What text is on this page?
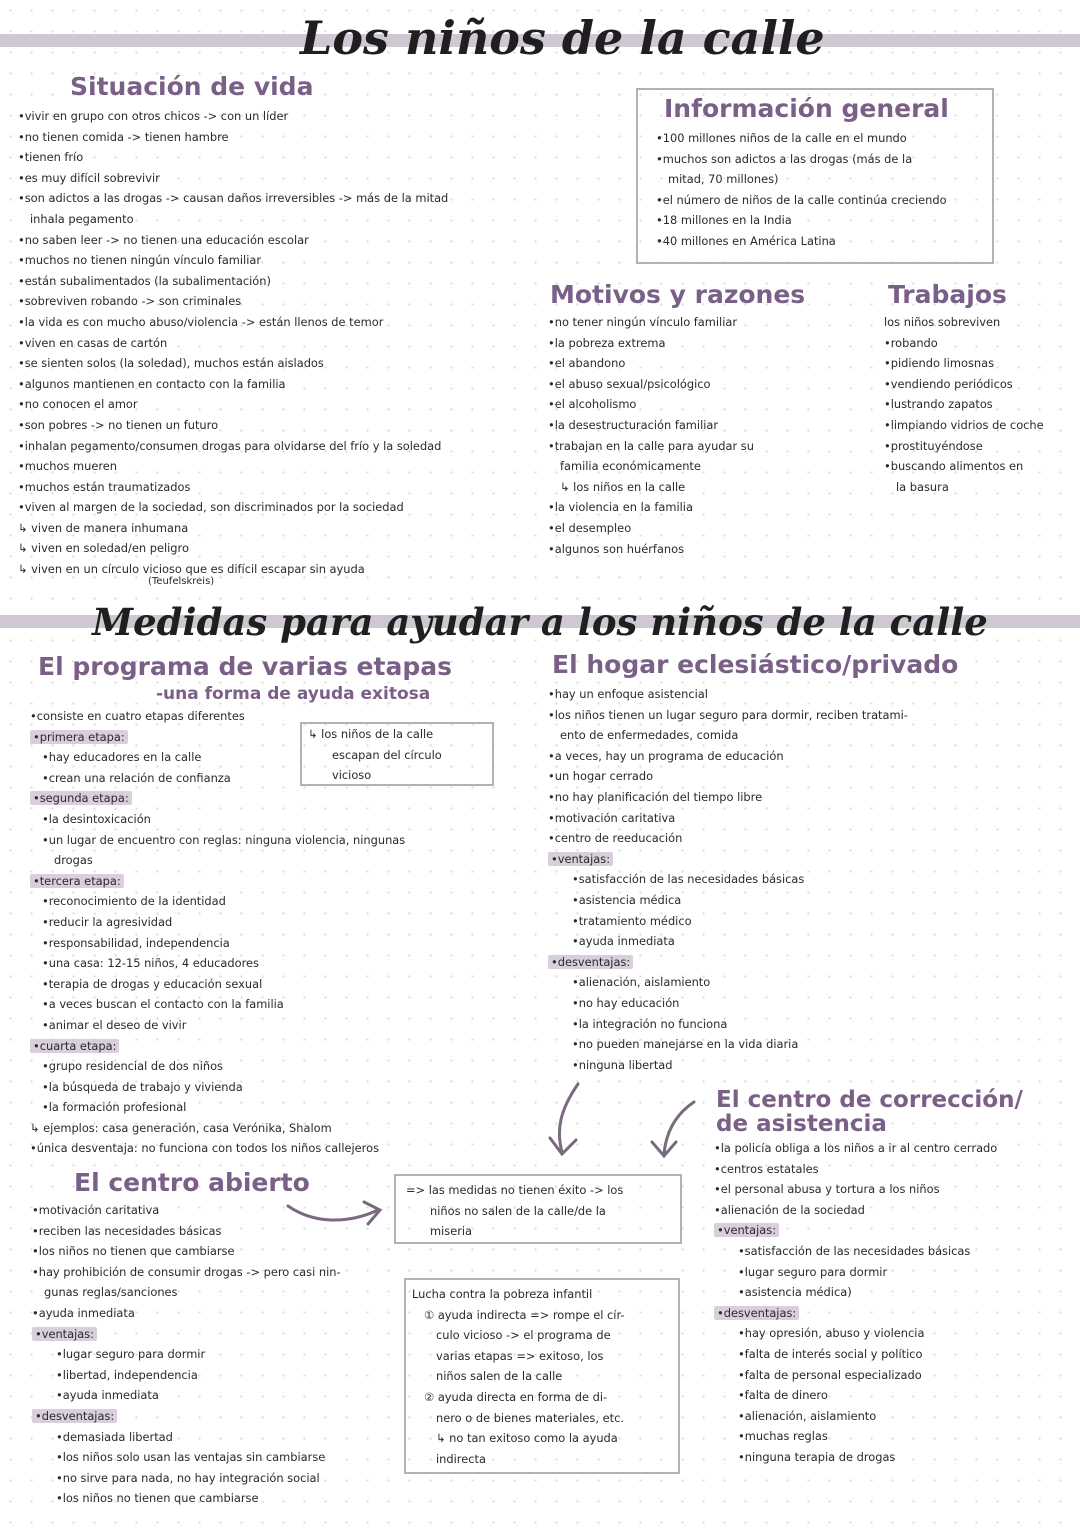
Los niños de la calle
Situación de vida
•vivir en grupo con otros chicos -> con un líder
•no tienen comida -> tienen hambre
•tienen frío
•es muy difícil sobrevivir
•son adictos a las drogas -> causan daños irreversibles -> más de la mitad
inhala pegamento
•no saben leer -> no tienen una educación escolar
•muchos no tienen ningún vínculo familiar
•están subalimentados (la subalimentación)
•sobreviven robando -> son criminales
•la vida es con mucho abuso/violencia -> están llenos de temor
•viven en casas de cartón
•se sienten solos (la soledad), muchos están aislados
•algunos mantienen en contacto con la familia
•no conocen el amor
•son pobres -> no tienen un futuro
•inhalan pegamento/consumen drogas para olvidarse del frío y la soledad
•muchos mueren
•muchos están traumatizados
•viven al margen de la sociedad, son discriminados por la sociedad
↳ viven de manera inhumana
↳ viven en soledad/en peligro
↳ viven en un círculo vicioso que es difícil escapar sin ayuda
(Teufelskreis)
Información general
•100 millones niños de la calle en el mundo
•muchos son adictos a las drogas (más de la
mitad, 70 millones)
•el número de niños de la calle continúa creciendo
•18 millones en la India
•40 millones en América Latina
Motivos y razones
•no tener ningún vínculo familiar
•la pobreza extrema
•el abandono
•el abuso sexual/psicológico
•el alcoholismo
•la desestructuración familiar
•trabajan en la calle para ayudar su
familia económicamente
↳ los niños en la calle
•la violencia en la familia
•el desempleo
•algunos son huérfanos
Trabajos
los niños sobreviven
•robando
•pidiendo limosnas
•vendiendo periódicos
•lustrando zapatos
•limpiando vidrios de coche
•prostituyéndose
•buscando alimentos en
la basura
Medidas para ayudar a los niños de la calle
El programa de varias etapas
-una forma de ayuda exitosa
•consiste en cuatro etapas diferentes
•primera etapa:
•hay educadores en la calle
•crean una relación de confianza
•segunda etapa:
•la desintoxicación
•un lugar de encuentro con reglas: ninguna violencia, ningunas
drogas
•tercera etapa:
•reconocimiento de la identidad
•reducir la agresividad
•responsabilidad, independencia
•una casa: 12-15 niños, 4 educadores
•terapia de drogas y educación sexual
•a veces buscan el contacto con la familia
•animar el deseo de vivir
•cuarta etapa:
•grupo residencial de dos niños
•la búsqueda de trabajo y vivienda
•la formación profesional
↳ ejemplos: casa generación, casa Verónika, Shalom
•única desventaja: no funciona con todos los niños callejeros
↳ los niños de la calle
escapan del círculo
vicioso
El hogar eclesiástico/privado
•hay un enfoque asistencial
•los niños tienen un lugar seguro para dormir, reciben tratami-
ento de enfermedades, comida
•a veces, hay un programa de educación
•un hogar cerrado
•no hay planificación del tiempo libre
•motivación caritativa
•centro de reeducación
•ventajas:
•satisfacción de las necesidades básicas
•asistencia médica
•tratamiento médico
•ayuda inmediata
•desventajas:
•alienación, aislamiento
•no hay educación
•la integración no funciona
•no pueden manejarse en la vida diaria
•ninguna libertad
El centro de corrección/
de asistencia
•la policía obliga a los niños a ir al centro cerrado
•centros estatales
•el personal abusa y tortura a los niños
•alienación de la sociedad
•ventajas:
•satisfacción de las necesidades básicas
•lugar seguro para dormir
•asistencia médica)
•desventajas:
•hay opresión, abuso y violencia
•falta de interés social y político
•falta de personal especializado
•falta de dinero
•alienación, aislamiento
•muchas reglas
•ninguna terapia de drogas
El centro abierto
•motivación caritativa
•reciben las necesidades básicas
•los niños no tienen que cambiarse
•hay prohibición de consumir drogas -> pero casi nin-
gunas reglas/sanciones
•ayuda inmediata
•ventajas:
•lugar seguro para dormir
•libertad, independencia
•ayuda inmediata
•desventajas:
•demasiada libertad
•los niños solo usan las ventajas sin cambiarse
•no sirve para nada, no hay integración social
•los niños no tienen que cambiarse
=> las medidas no tienen éxito -> los
niños no salen de la calle/de la
miseria
Lucha contra la pobreza infantil
① ayuda indirecta => rompe el cír-
culo vicioso -> el programa de
varias etapas => exitoso, los
niños salen de la calle
② ayuda directa en forma de di-
nero o de bienes materiales, etc.
↳ no tan exitoso como la ayuda
indirecta
